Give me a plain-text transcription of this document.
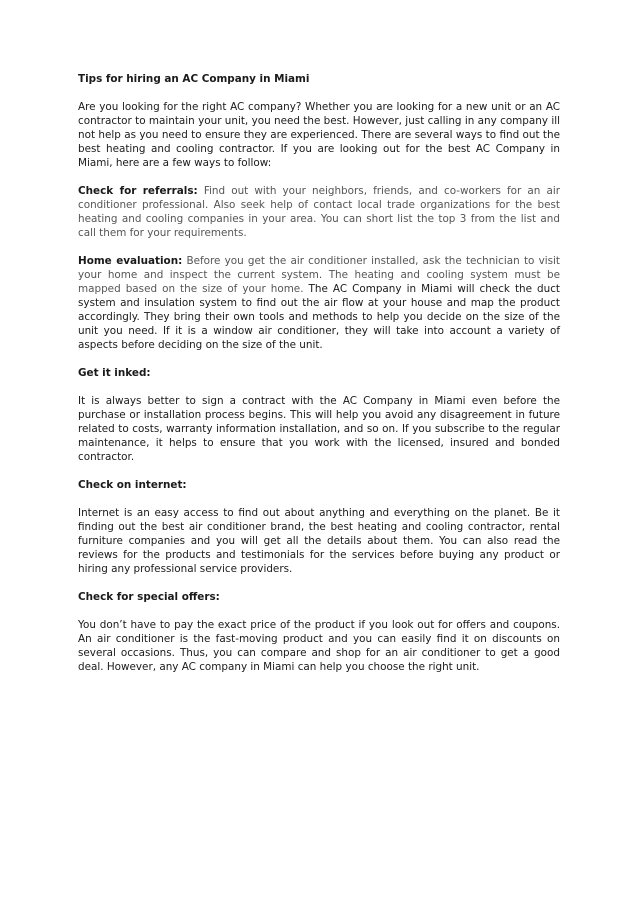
Tips for hiring an AC Company in Miami

Are you looking for the right AC company? Whether you are looking for a new unit or an AC contractor to maintain your unit, you need the best. However, just calling in any company ill not help as you need to ensure they are experienced. There are several ways to find out the best heating and cooling contractor. If you are looking out for the best AC Company in Miami, here are a few ways to follow:

Check for referrals: Find out with your neighbors, friends, and co-workers for an air conditioner professional. Also seek help of contact local trade organizations for the best heating and cooling companies in your area. You can short list the top 3 from the list and call them for your requirements.

Home evaluation: Before you get the air conditioner installed, ask the technician to visit your home and inspect the current system. The heating and cooling system must be mapped based on the size of your home. The AC Company in Miami will check the duct system and insulation system to find out the air flow at your house and map the product accordingly. They bring their own tools and methods to help you decide on the size of the unit you need. If it is a window air conditioner, they will take into account a variety of aspects before deciding on the size of the unit.

Get it inked:

It is always better to sign a contract with the AC Company in Miami even before the purchase or installation process begins. This will help you avoid any disagreement in future related to costs, warranty information installation, and so on. If you subscribe to the regular maintenance, it helps to ensure that you work with the licensed, insured and bonded contractor.

Check on internet:

Internet is an easy access to find out about anything and everything on the planet. Be it finding out the best air conditioner brand, the best heating and cooling contractor, rental furniture companies and you will get all the details about them. You can also read the reviews for the products and testimonials for the services before buying any product or hiring any professional service providers.

Check for special offers:

You don’t have to pay the exact price of the product if you look out for offers and coupons. An air conditioner is the fast-moving product and you can easily find it on discounts on several occasions. Thus, you can compare and shop for an air conditioner to get a good deal. However, any AC company in Miami can help you choose the right unit.
